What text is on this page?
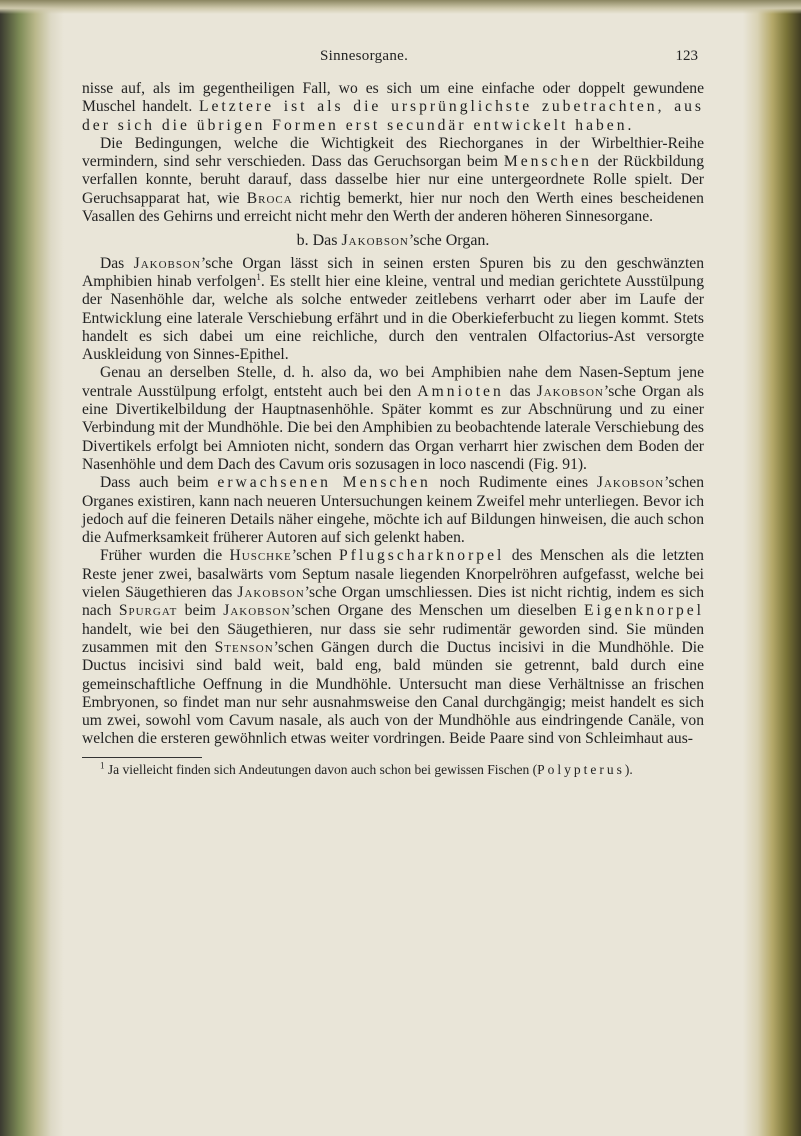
Sinnesorgane.	123

nisse auf, als im gegentheiligen Fall, wo es sich um eine einfache oder doppelt gewundene Muschel handelt. Letztere ist als die ursprünglichste zubetrachten, aus der sich die übrigen Formen erst secundär entwickelt haben.

Die Bedingungen, welche die Wichtigkeit des Riechorganes in der Wirbelthier-Reihe vermindern, sind sehr verschieden. Dass das Geruchsorgan beim Menschen der Rückbildung verfallen konnte, beruht darauf, dass dasselbe hier nur eine untergeordnete Rolle spielt. Der Geruchsapparat hat, wie Broca richtig bemerkt, hier nur noch den Werth eines bescheidenen Vasallen des Gehirns und erreicht nicht mehr den Werth der anderen höheren Sinnesorgane.

b. Das Jakobson’sche Organ.

Das Jakobson’sche Organ lässt sich in seinen ersten Spuren bis zu den geschwänzten Amphibien hinab verfolgen$^1$. Es stellt hier eine kleine, ventral und median gerichtete Ausstülpung der Nasenhöhle dar, welche als solche entweder zeitlebens verharrt oder aber im Laufe der Entwicklung eine laterale Verschiebung erfährt und in die Oberkieferbucht zu liegen kommt. Stets handelt es sich dabei um eine reichliche, durch den ventralen Olfactorius-Ast versorgte Auskleidung von Sinnes-Epithel.

Genau an derselben Stelle, d. h. also da, wo bei Amphibien nahe dem Nasen-Septum jene ventrale Ausstülpung erfolgt, entsteht auch bei den Amnioten das Jakobson’sche Organ als eine Divertikelbildung der Hauptnasenhöhle. Später kommt es zur Abschnürung und zu einer Verbindung mit der Mundhöhle. Die bei den Amphibien zu beobachtende laterale Verschiebung des Divertikels erfolgt bei Amnioten nicht, sondern das Organ verharrt hier zwischen dem Boden der Nasenhöhle und dem Dach des Cavum oris sozusagen in loco nascendi (Fig. 91).

Dass auch beim erwachsenen Menschen noch Rudimente eines Jakobson’schen Organes existiren, kann nach neueren Untersuchungen keinem Zweifel mehr unterliegen. Bevor ich jedoch auf die feineren Details näher eingehe, möchte ich auf Bildungen hinweisen, die auch schon die Aufmerksamkeit früherer Autoren auf sich gelenkt haben.

Früher wurden die Huschke’schen Pflugscharknorpel des Menschen als die letzten Reste jener zwei, basalwärts vom Septum nasale liegenden Knorpelröhren aufgefasst, welche bei vielen Säugethieren das Jakobson’sche Organ umschliessen. Dies ist nicht richtig, indem es sich nach Spurgat beim Jakobson’schen Organe des Menschen um dieselben Eigenknorpel handelt, wie bei den Säugethieren, nur dass sie sehr rudimentär geworden sind. Sie münden zusammen mit den Stenson’schen Gängen durch die Ductus incisivi in die Mundhöhle. Die Ductus incisivi sind bald weit, bald eng, bald münden sie getrennt, bald durch eine gemeinschaftliche Oeffnung in die Mundhöhle. Untersucht man diese Verhältnisse an frischen Embryonen, so findet man nur sehr ausnahmsweise den Canal durchgängig; meist handelt es sich um zwei, sowohl vom Cavum nasale, als auch von der Mundhöhle aus eindringende Canäle, von welchen die ersteren gewöhnlich etwas weiter vordringen. Beide Paare sind von Schleimhaut aus-

$^1$ Ja vielleicht finden sich Andeutungen davon auch schon bei gewissen Fischen (Polypterus).
